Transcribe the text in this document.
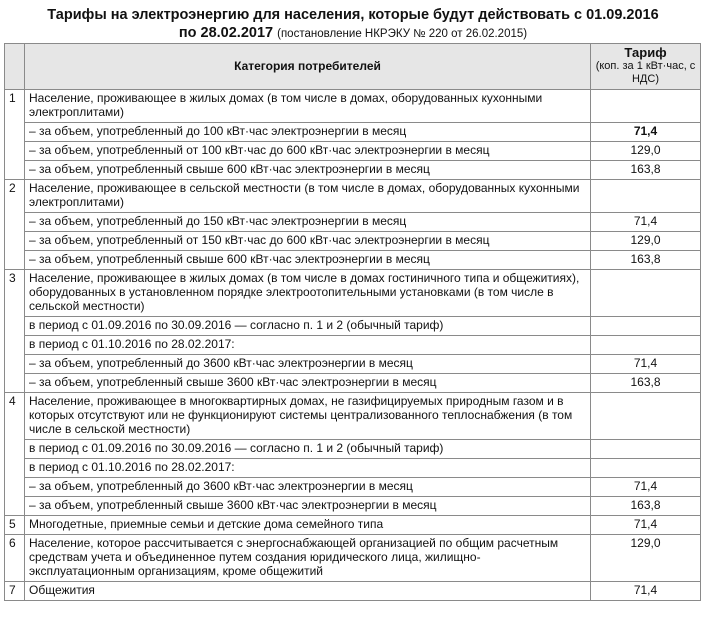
Тарифы на электроэнергию для населения, которые будут действовать с 01.09.2016
по 28.02.2017 (постановление НКРЭКУ № 220 от 26.02.2015)
	Категория потребителей	Тариф
(коп. за 1 кВт·час, с НДС)

1	Население, проживающее в жилых домах (в том числе в домах, оборудованных кухонными электроплитами)	
	– за объем, употребленный до 100 кВт·час электроэнергии в месяц	71,4
	– за объем, употребленный от 100 кВт·час до 600 кВт·час электроэнергии в месяц	129,0
	– за объем, употребленный свыше 600 кВт·час электроэнергии в месяц	163,8
2	Население, проживающее в сельской местности (в том числе в домах, оборудованных кухонными электроплитами)	
	– за объем, употребленный до 150 кВт·час электроэнергии в месяц	71,4
	– за объем, употребленный от 150 кВт·час до 600 кВт·час электроэнергии в месяц	129,0
	– за объем, употребленный свыше 600 кВт·час электроэнергии в месяц	163,8
3	Население, проживающее в жилых домах (в том числе в домах гостиничного типа и общежитиях), оборудованных в установленном порядке электроотопительными установками (в том числе в сельской местности)	
	в период с 01.09.2016 по 30.09.2016 — согласно п. 1 и 2 (обычный тариф)	
	в период с 01.10.2016 по 28.02.2017:	
	– за объем, употребленный до 3600 кВт·час электроэнергии в месяц	71,4
	– за объем, употребленный свыше 3600 кВт·час электроэнергии в месяц	163,8
4	Население, проживающее в многоквартирных домах, не газифицируемых природным газом и в которых отсутствуют или не функционируют системы централизованного теплоснабжения (в том числе в сельской местности)	
	в период с 01.09.2016 по 30.09.2016 — согласно п. 1 и 2 (обычный тариф)	
	в период с 01.10.2016 по 28.02.2017:	
	– за объем, употребленный до 3600 кВт·час электроэнергии в месяц	71,4
	– за объем, употребленный свыше 3600 кВт·час электроэнергии в месяц	163,8
5	Многодетные, приемные семьи и детские дома семейного типа	71,4
6	Население, которое рассчитывается с энергоснабжающей организацией по общим расчетным средствам учета и объединенное путем создания юридического лица, жилищно-эксплуатационным организациям, кроме общежитий	129,0
7	Общежития	71,4
